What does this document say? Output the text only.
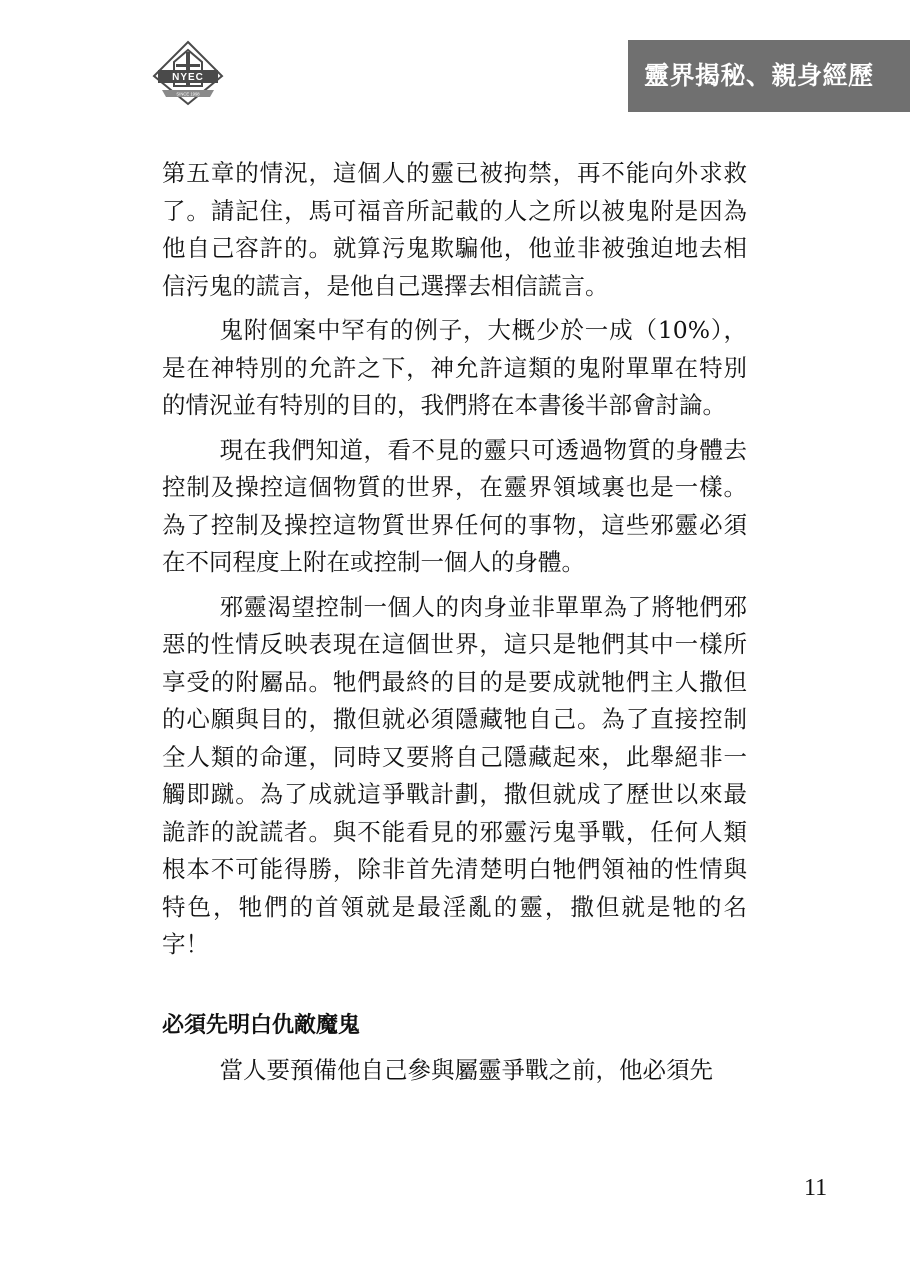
NYEC
SINCE 1998
靈界揭秘、親身經歷

第五章的情況，這個人的靈已被拘禁，再不能向外求救了。請記住，馬可福音所記載的人之所以被鬼附是因為他自己容許的。就算污鬼欺騙他，他並非被強迫地去相信污鬼的謊言，是他自己選擇去相信謊言。

鬼附個案中罕有的例子，大概少於一成（10%），是在神特別的允許之下，神允許這類的鬼附單單在特別的情況並有特別的目的，我們將在本書後半部會討論。

現在我們知道，看不見的靈只可透過物質的身體去控制及操控這個物質的世界，在靈界領域裏也是一樣。為了控制及操控這物質世界任何的事物，這些邪靈必須在不同程度上附在或控制一個人的身體。

邪靈渴望控制一個人的肉身並非單單為了將牠們邪惡的性情反映表現在這個世界，這只是牠們其中一樣所享受的附屬品。牠們最終的目的是要成就牠們主人撒但的心願與目的，撒但就必須隱藏牠自己。為了直接控制全人類的命運，同時又要將自己隱藏起來，此舉絕非一觸即蹴。為了成就這爭戰計劃，撒但就成了歷世以來最詭詐的說謊者。與不能看見的邪靈污鬼爭戰，任何人類根本不可能得勝，除非首先清楚明白牠們領袖的性情與特色，牠們的首領就是最淫亂的靈，撒但就是牠的名字！

必須先明白仇敵魔鬼

當人要預備他自己參與屬靈爭戰之前，他必須先

11
